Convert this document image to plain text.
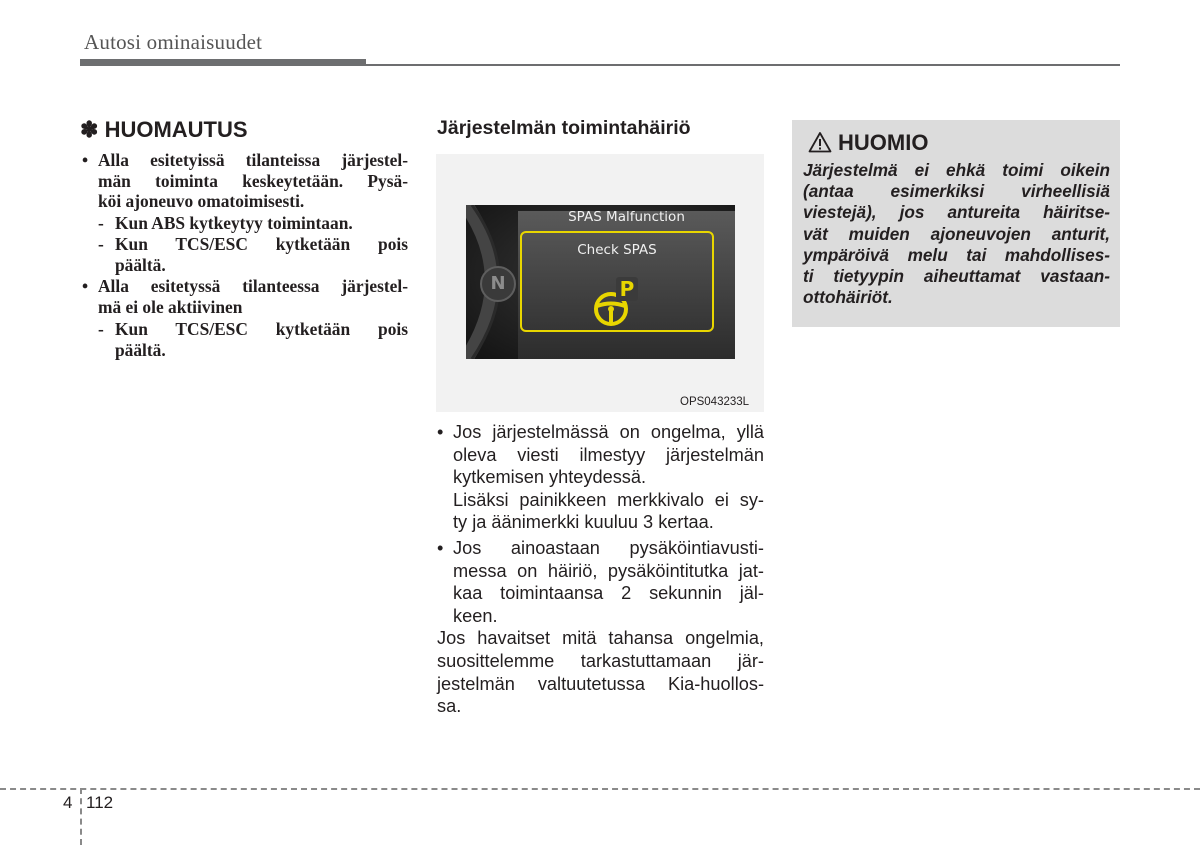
Autosi ominaisuudet
✽ HUOMAUTUS
• Alla esitetyissä tilanteissa järjestel-
män toiminta keskeytetään. Pysä-
köi ajoneuvo omatoimisesti.
- Kun ABS kytkeytyy toimintaan.
- Kun TCS/ESC kytketään pois
päältä.
• Alla esitetyssä tilanteessa järjestel-
mä ei ole aktiivinen
- Kun TCS/ESC kytketään pois
päältä.
Järjestelmän toimintahäiriö
P
SPAS Malfunction
Check SPAS
N
OPS043233L
• Jos järjestelmässä on ongelma, yllä
oleva viesti ilmestyy järjestelmän
kytkemisen yhteydessä.
Lisäksi painikkeen merkkivalo ei sy-
ty ja äänimerkki kuuluu 3 kertaa.
• Jos ainoastaan pysäköintiavusti-
messa on häiriö, pysäköintitutka jat-
kaa toimintaansa 2 sekunnin jäl-
keen.
Jos havaitset mitä tahansa ongelmia,
suosittelemme tarkastuttamaan jär-
jestelmän valtuutetussa Kia-huollos-
sa.
HUOMIO
Järjestelmä ei ehkä toimi oikein
(antaa esimerkiksi virheellisiä
viestejä), jos antureita häiritse-
vät muiden ajoneuvojen anturit,
ympäröivä melu tai mahdollises-
ti tietyypin aiheuttamat vastaan-
ottohäiriöt.
4 112
